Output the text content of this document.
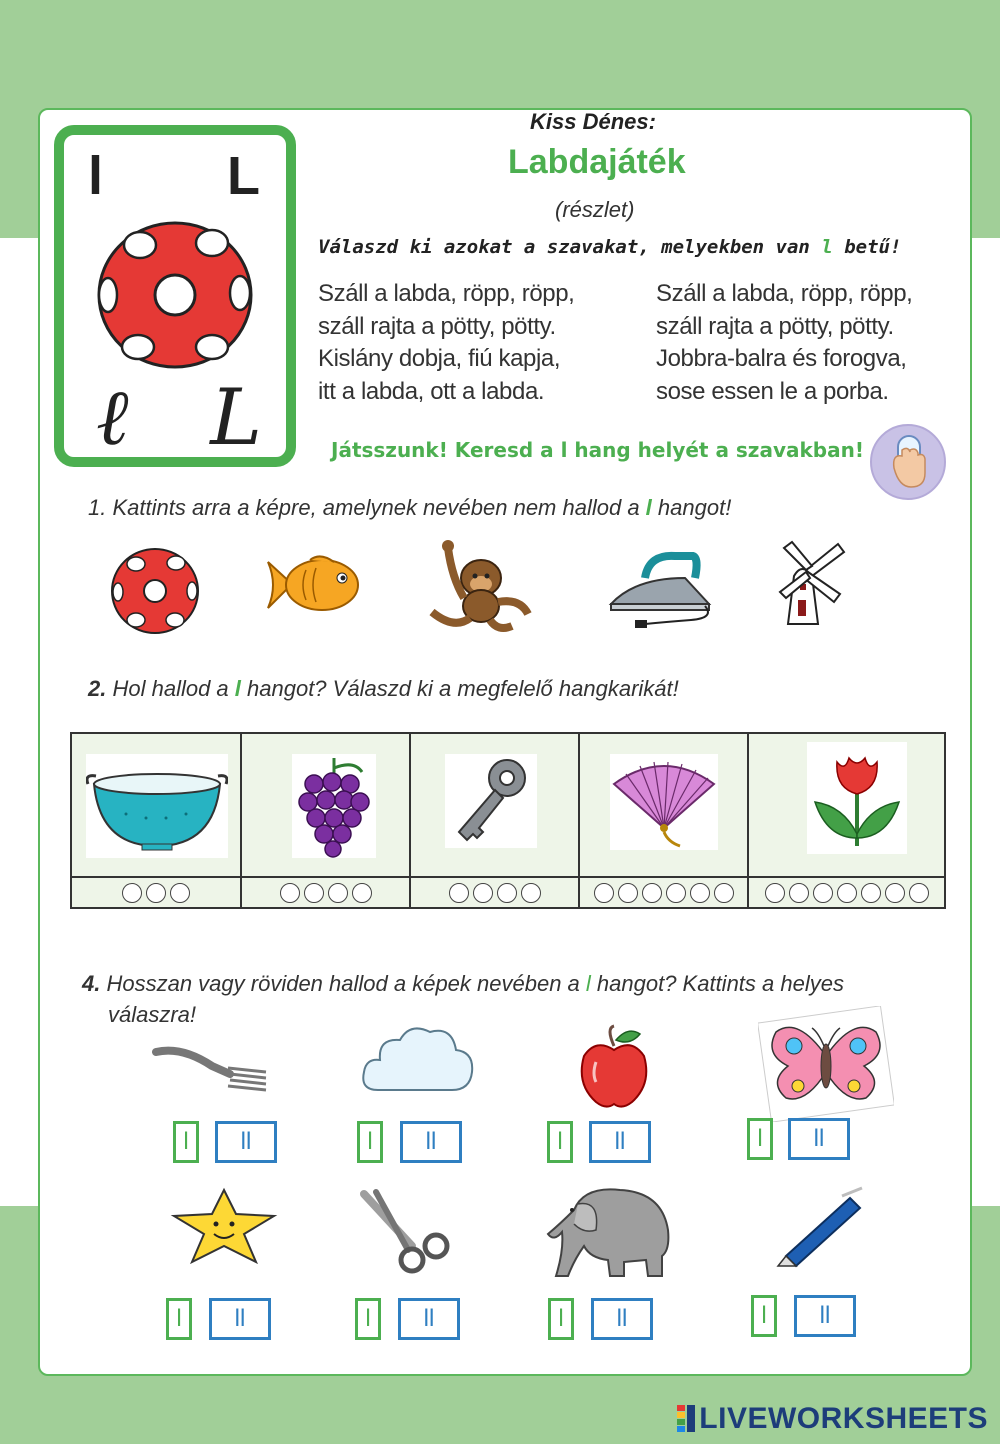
l L
ℓ L
Kiss Dénes:
Labdajáték
(részlet)
Válaszd ki azokat a szavakat, melyekben van l betű!
Száll a labda, röpp, röpp,
száll rajta a pötty, pötty.
Kislány dobja, fiú kapja,
itt a labda, ott a labda.
Száll a labda, röpp, röpp,
száll rajta a pötty, pötty.
Jobbra-balra és forogva,
sose essen le a porba.
Játsszunk! Keresd a l hang helyét a szavakban!
1. Kattints arra a képre, amelynek nevében nem hallod a l hangot!
2. Hol hallod a l hangot? Válaszd ki a megfelelő hangkarikát!
4. Hosszan vagy röviden hallod a képek nevében a l hangot? Kattints a helyes
válaszra!
l	ll	l	ll	l	ll	l	ll
l	ll	l	ll	l	ll	l	ll
LIVEWORKSHEETS
